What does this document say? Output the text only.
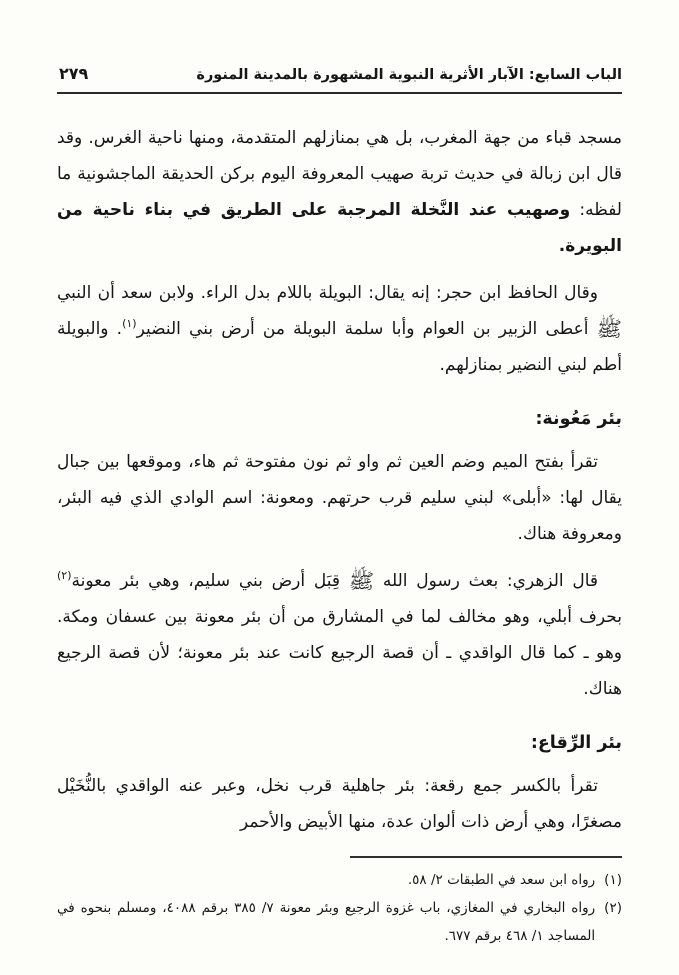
الباب السابع: الآبار الأثرية النبوية المشهورة بالمدينة المنورة
٢٧٩

مسجد قباء من جهة المغرب، بل هي بمنازلهم المتقدمة، ومنها ناحية الغرس. وقد قال ابن زبالة في حديث تربة صهيب المعروفة اليوم بركن الحديقة الماجشونية ما لفظه: وصهيب عند النَّخلة المرجبة على الطريق في بناء ناحية من البويرة.

وقال الحافظ ابن حجر: إنه يقال: البويلة باللام بدل الراء. ولابن سعد أن النبي ﷺ أعطى الزبير بن العوام وأبا سلمة البويلة من أرض بني النضير$^{(١)}$. والبويلة أطم لبني النضير بمنازلهم.

بئر مَعُونة:

تقرأ بفتح الميم وضم العين ثم واو ثم نون مفتوحة ثم هاء، وموقعها بين جبال يقال لها: «أبلى» لبني سليم قرب حرتهم. ومعونة: اسم الوادي الذي فيه البئر، ومعروفة هناك.

قال الزهري: بعث رسول الله ﷺ قِبَل أرض بني سليم، وهي بئر معونة$^{(٢)}$ بحرف أبلي، وهو مخالف لما في المشارق من أن بئر معونة بين عسفان ومكة. وهو ـ كما قال الواقدي ـ أن قصة الرجيع كانت عند بئر معونة؛ لأن قصة الرجيع هناك.

بئر الرِّقاع:

تقرأ بالكسر جمع رقعة: بئر جاهلية قرب نخل، وعبر عنه الواقدي بالنُّخَيْل مصغرًا، وهي أرض ذات ألوان عدة، منها الأبيض والأحمر

(١)
رواه ابن سعد في الطبقات ٢/ ٥٨.
(٢)
رواه البخاري في المغازي، باب غزوة الرجيع وبئر معونة ٧/ ٣٨٥ برقم ٤٠٨٨، ومسلم بنحوه في المساجد ١/ ٤٦٨ برقم ٦٧٧.
